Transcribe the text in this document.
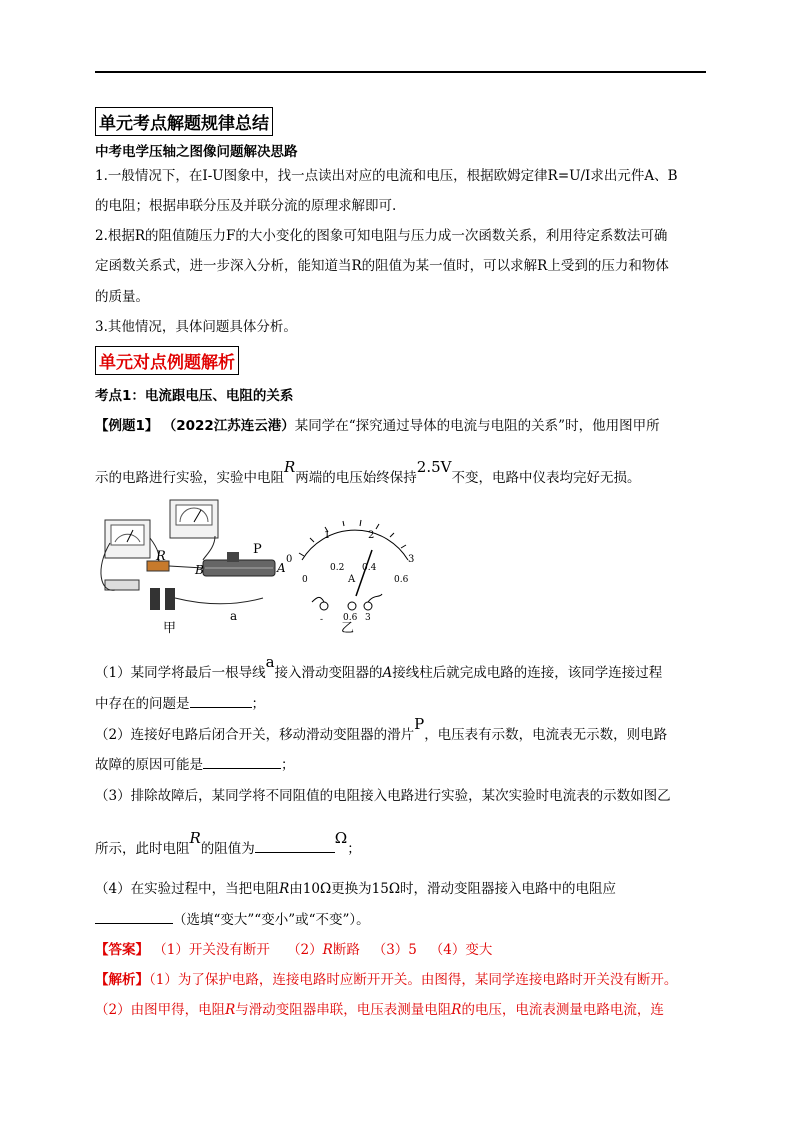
单元考点解题规律总结
中考电学压轴之图像问题解决思路
1.一般情况下，在I-U图象中，找一点读出对应的电流和电压，根据欧姆定律R=U/I求出元件A、B
的电阻；根据串联分压及并联分流的原理求解即可.
2.根据R的阻值随压力F的大小变化的图象可知电阻与压力成一次函数关系，利用待定系数法可确
定函数关系式，进一步深入分析，能知道当R的阻值为某一值时，可以求解R上受到的压力和物体
的质量。
3.其他情况，具体问题具体分析。
单元对点例题解析
考点1：电流跟电压、电阻的关系
【例题1】 （2022江苏连云港）某同学在“探究通过导体的电流与电阻的关系”时，他用图甲所
示的电路进行实验，实验中电阻R两端的电压始终保持2.5V不变，电路中仪表均完好无损。
R	P
A
B
a
甲
0
1	2
3
0
0.2 0.4
0.6
A
- 0.6 3
乙
（1）某同学将最后一根导线a接入滑动变阻器的A接线柱后就完成电路的连接，该同学连接过程
中存在的问题是	；
（2）连接好电路后闭合开关，移动滑动变阻器的滑片P，电压表有示数，电流表无示数，则电路
故障的原因可能是	；
（3）排除故障后，某同学将不同阻值的电阻接入电路进行实验，某次实验时电流表的示数如图乙
所示，此时电阻R的阻值为Ω；
（4）在实验过程中，当把电阻R由10Ω更换为15Ω时，滑动变阻器接入电路中的电阻应
（选填“变大”“变小”或“不变”）。
【答案】 （1）开关没有断开 （2）R断路 （3）5 （4）变大
【解析】（1）为了保护电路，连接电路时应断开开关。由图得，某同学连接电路时开关没有断开。
（2）由图甲得，电阻R与滑动变阻器串联，电压表测量电阻R的电压，电流表测量电路电流，连
